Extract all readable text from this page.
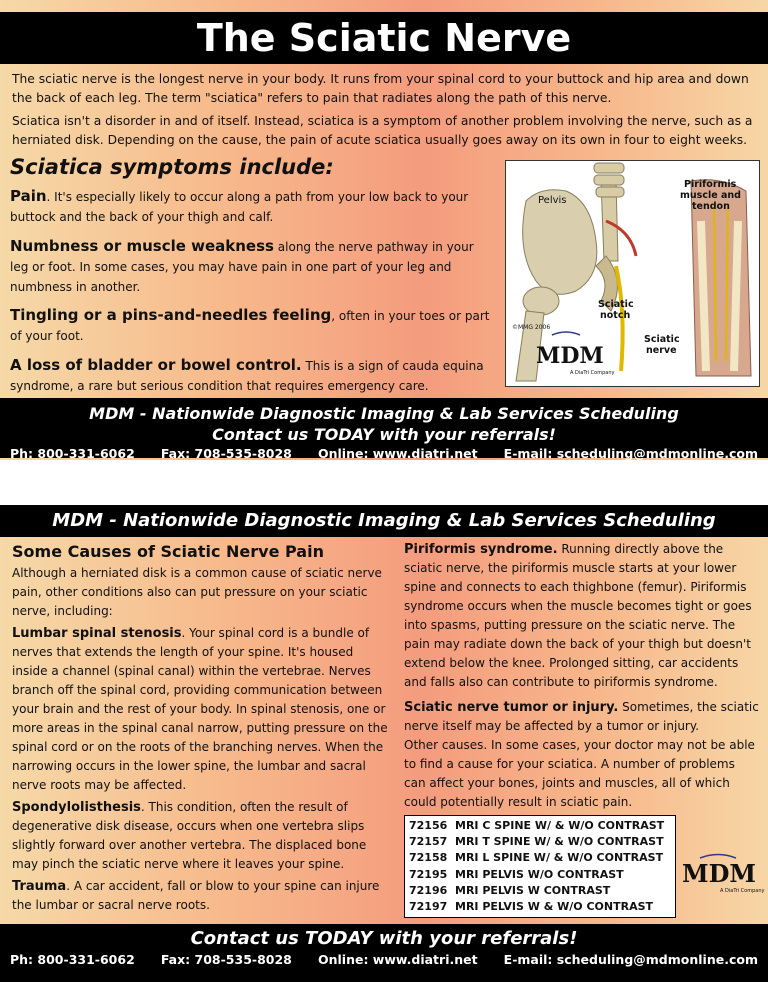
The Sciatic Nerve

The sciatic nerve is the longest nerve in your body. It runs from your spinal cord to your buttock and hip area and down the back of each leg. The term "sciatica" refers to pain that radiates along the path of this nerve.

Sciatica isn't a disorder in and of itself. Instead, sciatica is a symptom of another problem involving the nerve, such as a herniated disk. Depending on the cause, the pain of acute sciatica usually goes away on its own in four to eight weeks.

Sciatica symptoms include:
Pain. It's especially likely to occur along a path from your low back to your buttock and the back of your thigh and calf.
Numbness or muscle weakness along the nerve pathway in your leg or foot. In some cases, you may have pain in one part of your leg and numbness in another.
Tingling or a pins-and-needles feeling, often in your toes or part of your foot.
A loss of bladder or bowel control. This is a sign of cauda equina syndrome, a rare but serious condition that requires emergency care.
Pelvis
Piriformis
muscle and
tendon
Sciatic
notch
Sciatic
nerve
©MMG 2006
MDM
A DiaTri Company
MDM - Nationwide Diagnostic Imaging & Lab Services Scheduling
Contact us TODAY with your referrals!
Ph: 800-331-6062 Fax: 708-535-8028 Online: www.diatri.net E-mail: scheduling@mdmonline.com
MDM - Nationwide Diagnostic Imaging & Lab Services Scheduling
Some Causes of Sciatic Nerve Pain

Although a herniated disk is a common cause of sciatic nerve pain, other conditions also can put pressure on your sciatic nerve, including:

Lumbar spinal stenosis. Your spinal cord is a bundle of nerves that extends the length of your spine. It's housed inside a channel (spinal canal) within the vertebrae. Nerves branch off the spinal cord, providing communication between your brain and the rest of your body. In spinal stenosis, one or more areas in the spinal canal narrow, putting pressure on the spinal cord or on the roots of the branching nerves. When the narrowing occurs in the lower spine, the lumbar and sacral nerve roots may be affected.

Spondylolisthesis. This condition, often the result of degenerative disk disease, occurs when one vertebra slips slightly forward over another vertebra. The displaced bone may pinch the sciatic nerve where it leaves your spine.

Trauma. A car accident, fall or blow to your spine can injure the lumbar or sacral nerve roots.

Piriformis syndrome. Running directly above the sciatic nerve, the piriformis muscle starts at your lower spine and connects to each thighbone (femur). Piriformis syndrome occurs when the muscle becomes tight or goes into spasms, putting pressure on the sciatic nerve. The pain may radiate down the back of your thigh but doesn't extend below the knee. Prolonged sitting, car accidents and falls also can contribute to piriformis syndrome.

Sciatic nerve tumor or injury. Sometimes, the sciatic nerve itself may be affected by a tumor or injury.

Other causes. In some cases, your doctor may not be able to find a cause for your sciatica. A number of problems can affect your bones, joints and muscles, all of which could potentially result in sciatic pain.

72156 MRI C SPINE W/ & W/O CONTRAST
72157 MRI T SPINE W/ & W/O CONTRAST
72158 MRI L SPINE W/ & W/O CONTRAST
72195 MRI PELVIS W/O CONTRAST
72196 MRI PELVIS W CONTRAST
72197 MRI PELVIS W & W/O CONTRAST
MDM
A DiaTri Company
Contact us TODAY with your referrals!
Ph: 800-331-6062 Fax: 708-535-8028 Online: www.diatri.net E-mail: scheduling@mdmonline.com
